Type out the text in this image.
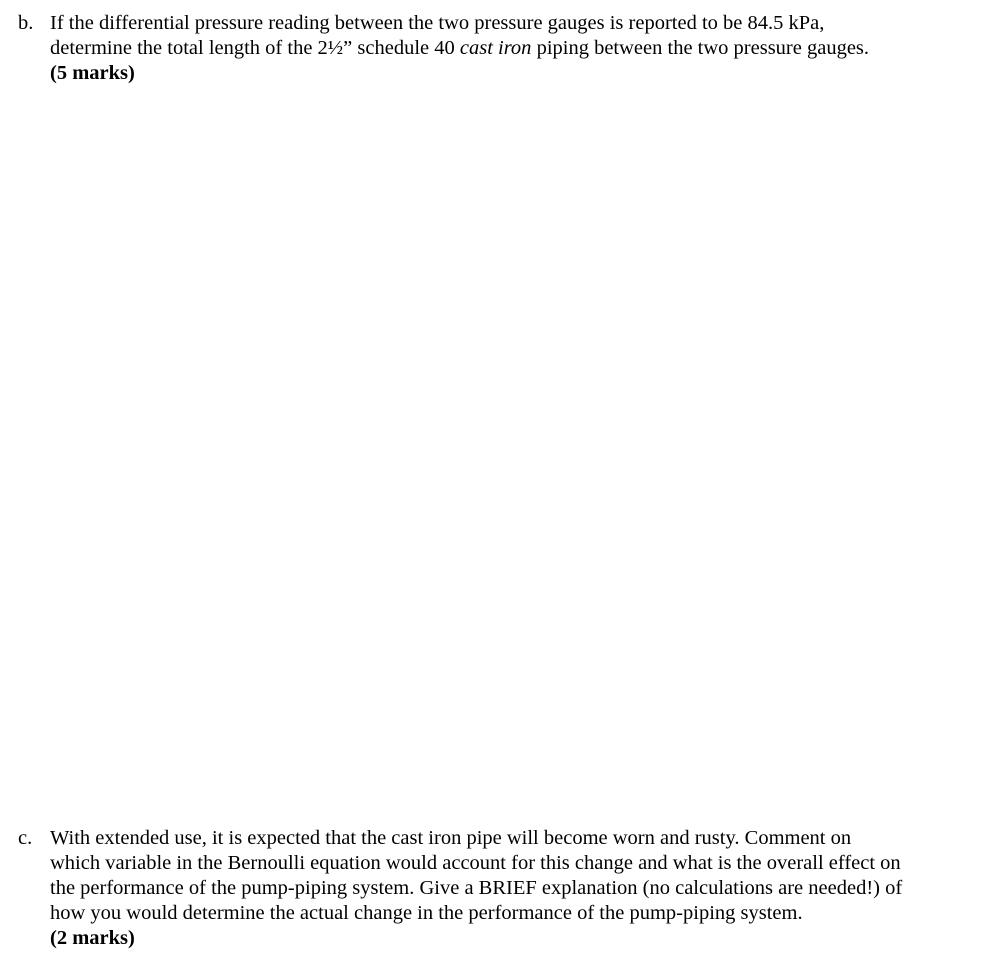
b. If the differential pressure reading between the two pressure gauges is reported to be 84.5 kPa,
determine the total length of the 2½” schedule 40 cast iron piping between the two pressure gauges.
(5 marks)
c. With extended use, it is expected that the cast iron pipe will become worn and rusty. Comment on
which variable in the Bernoulli equation would account for this change and what is the overall effect on
the performance of the pump-piping system. Give a BRIEF explanation (no calculations are needed!) of
how you would determine the actual change in the performance of the pump-piping system.
(2 marks)
